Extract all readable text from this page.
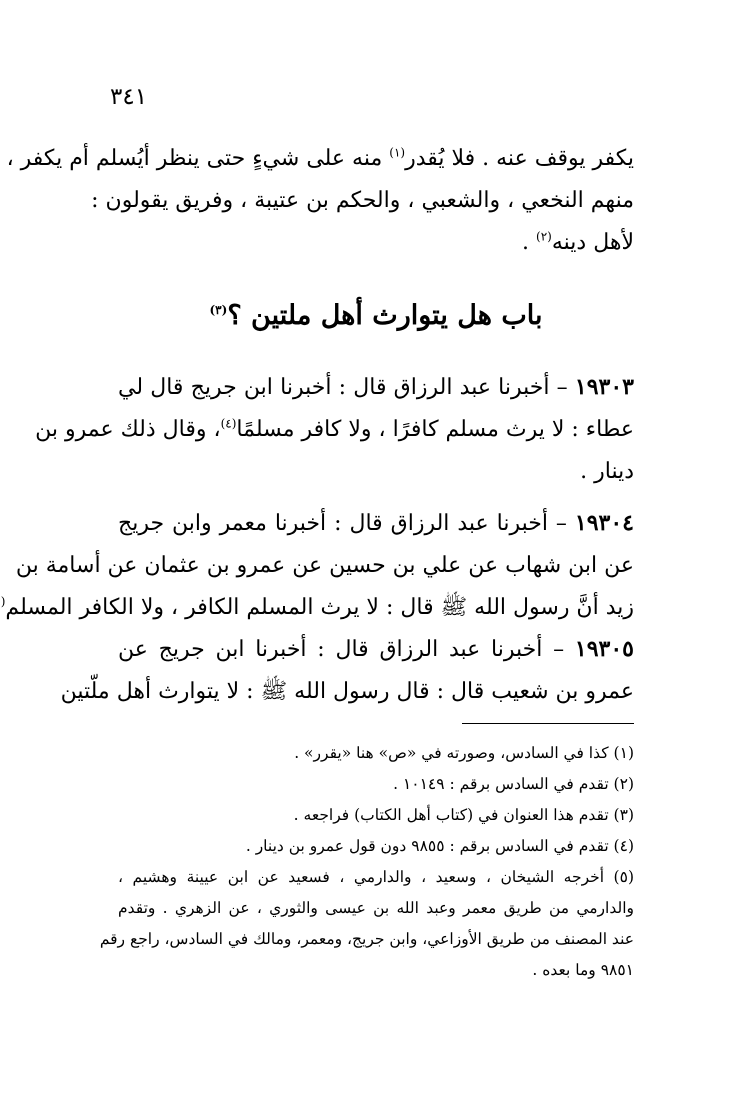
٣٤١
يكفر يوقف عنه . فلا يُقدر$^{(١)}$ منه على شيءٍ حتى ينظر أيُسلم أم يكفر ،
منهم النخعي ، والشعبي ، والحكم بن عتيبة ، وفريق يقولون :
لأهل دينه$^{(٢)}$ .
باب هل يتوارث أهل ملتين ؟$^{(٣)}$
١٩٣٠٣ – أخبرنا عبد الرزاق قال : أخبرنا ابن جريج قال لي
عطاء : لا يرث مسلم كافرًا ، ولا كافر مسلمًا$^{(٤)}$، وقال ذلك عمرو بن
دينار .
١٩٣٠٤ – أخبرنا عبد الرزاق قال : أخبرنا معمر وابن جريج
عن ابن شهاب عن علي بن حسين عن عمرو بن عثمان عن أسامة بن
زيد أنَّ رسول الله ﷺ قال : لا يرث المسلم الكافر ، ولا الكافر المسلم(
١٩٣٠٥ – أخبرنا عبد الرزاق قال : أخبرنا ابن جريج عن
عمرو بن شعيب قال : قال رسول الله ﷺ : لا يتوارث أهل ملّتين
(١) كذا في السادس، وصورته في «ص» هنا «يقرر» .
(٢) تقدم في السادس برقم : ١٠١٤٩ .
(٣) تقدم هذا العنوان في (كتاب أهل الكتاب) فراجعه .
(٤) تقدم في السادس برقم : ٩٨٥٥ دون قول عمرو بن دينار .
(٥) أخرجه الشيخان ، وسعيد ، والدارمي ، فسعيد عن ابن عيينة وهشيم ،
والدارمي من طريق معمر وعبد الله بن عيسى والثوري ، عن الزهري . وتقدم
عند المصنف من طريق الأوزاعي، وابن جريج، ومعمر، ومالك في السادس، راجع رقم
٩٨٥١ وما بعده .
